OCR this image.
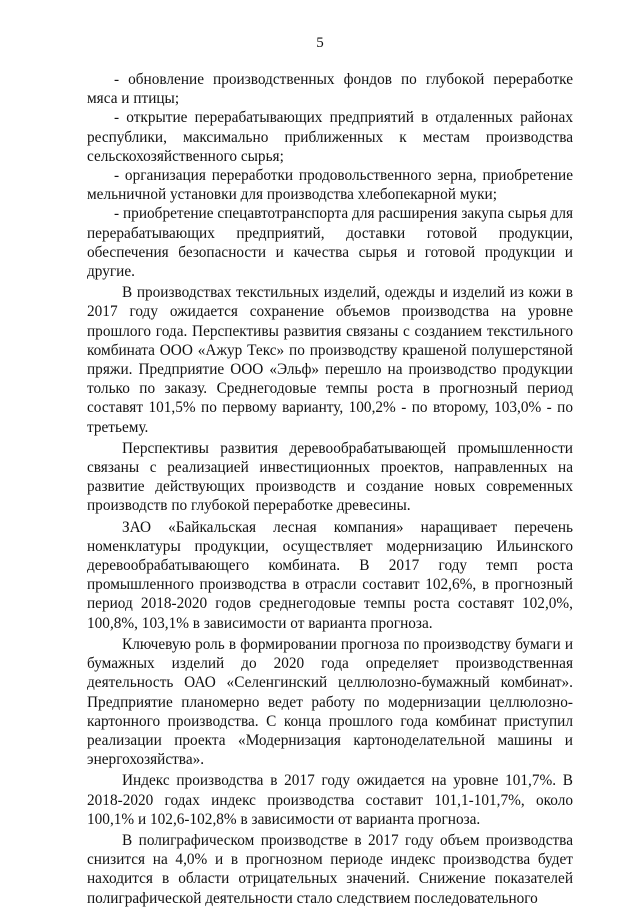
5

- обновление производственных фондов по глубокой переработке мяса и птицы;

- открытие перерабатывающих предприятий в отдаленных районах республики, максимально приближенных к местам производства сельскохозяйственного сырья;

- организация переработки продовольственного зерна, приобретение мельничной установки для производства хлебопекарной муки;

- приобретение спецавтотранспорта для расширения закупа сырья для перерабатывающих предприятий, доставки готовой продукции, обеспечения безопасности и качества сырья и готовой продукции и другие.

В производствах текстильных изделий, одежды и изделий из кожи в 2017 году ожидается сохранение объемов производства на уровне прошлого года. Перспективы развития связаны с созданием текстильного комбината ООО «Ажур Текс» по производству крашеной полушерстяной пряжи. Предприятие ООО «Эльф» перешло на производство продукции только по заказу. Среднегодовые темпы роста в прогнозный период составят 101,5% по первому варианту, 100,2% - по второму, 103,0% - по третьему.

Перспективы развития деревообрабатывающей промышленности связаны с реализацией инвестиционных проектов, направленных на развитие действующих производств и создание новых современных производств по глубокой переработке древесины.

ЗАО «Байкальская лесная компания» наращивает перечень номенклатуры продукции, осуществляет модернизацию Ильинского деревообрабатывающего комбината. В 2017 году темп роста промышленного производства в отрасли составит 102,6%, в прогнозный период 2018-2020 годов среднегодовые темпы роста составят 102,0%, 100,8%, 103,1% в зависимости от варианта прогноза.

Ключевую роль в формировании прогноза по производству бумаги и бумажных изделий до 2020 года определяет производственная деятельность ОАО «Селенгинский целлюлозно-бумажный комбинат». Предприятие планомерно ведет работу по модернизации целлюлозно-картонного производства. С конца прошлого года комбинат приступил реализации проекта «Модернизация картоноделательной машины и энергохозяйства».

Индекс производства в 2017 году ожидается на уровне 101,7%. В 2018-2020 годах индекс производства составит 101,1-101,7%, около 100,1% и 102,6-102,8% в зависимости от варианта прогноза.

В полиграфическом производстве в 2017 году объем производства снизится на 4,0% и в прогнозном периоде индекс производства будет находится в области отрицательных значений. Снижение показателей полиграфической деятельности стало следствием последовательного
